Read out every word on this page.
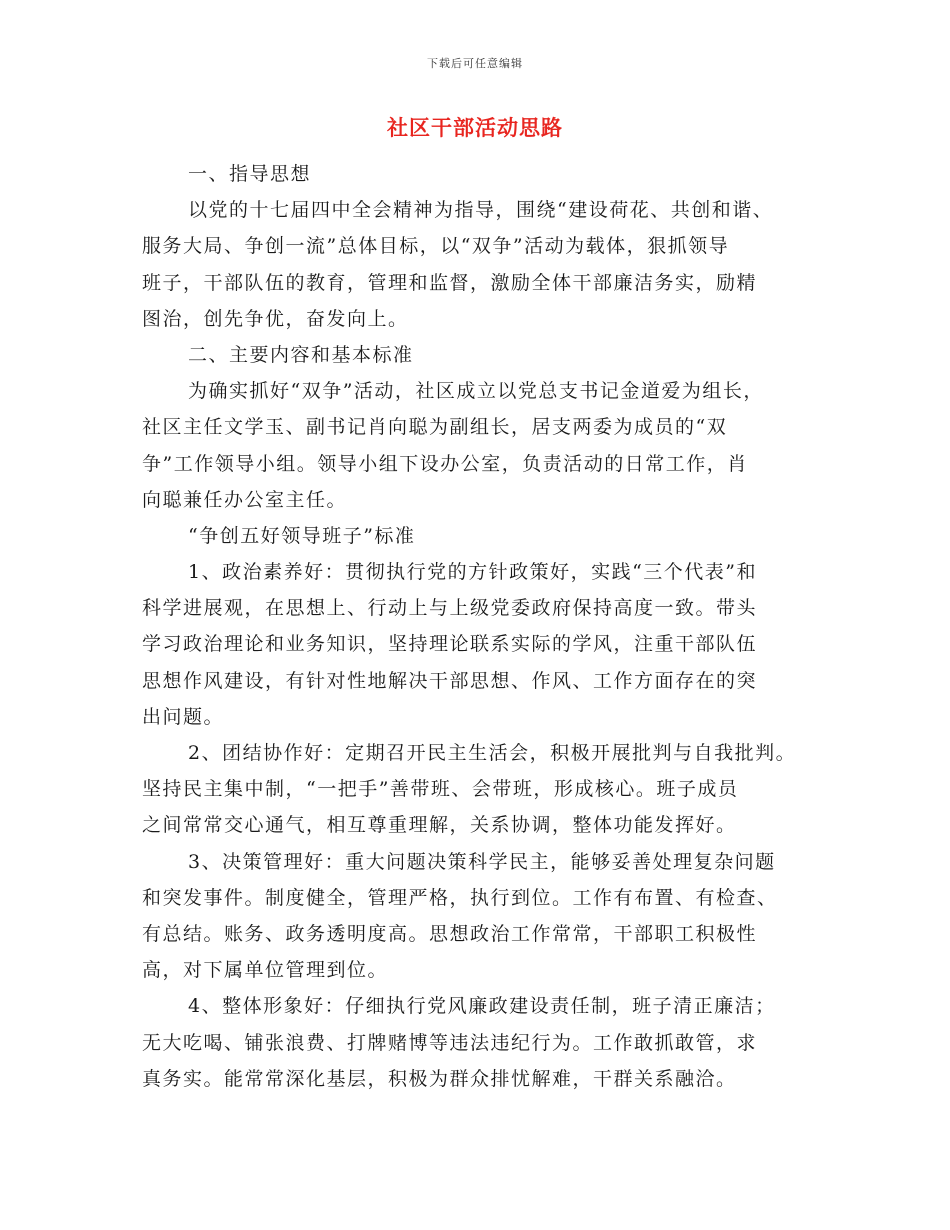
下载后可任意编辑
社区干部活动思路
一、指导思想
以党的十七届四中全会精神为指导，围绕“建设荷花、共创和谐、
服务大局、争创一流”总体目标，以“双争”活动为载体，狠抓领导
班子，干部队伍的教育，管理和监督，激励全体干部廉洁务实，励精
图治，创先争优，奋发向上。
二、主要内容和基本标准
为确实抓好“双争”活动，社区成立以党总支书记金道爱为组长，
社区主任文学玉、副书记肖向聪为副组长，居支两委为成员的“双
争”工作领导小组。领导小组下设办公室，负责活动的日常工作，肖
向聪兼任办公室主任。
“争创五好领导班子”标准
1、政治素养好：贯彻执行党的方针政策好，实践“三个代表”和
科学进展观，在思想上、行动上与上级党委政府保持高度一致。带头
学习政治理论和业务知识，坚持理论联系实际的学风，注重干部队伍
思想作风建设，有针对性地解决干部思想、作风、工作方面存在的突
出问题。
2、团结协作好：定期召开民主生活会，积极开展批判与自我批判。
坚持民主集中制，“一把手”善带班、会带班，形成核心。班子成员
之间常常交心通气，相互尊重理解，关系协调，整体功能发挥好。
3、决策管理好：重大问题决策科学民主，能够妥善处理复杂问题
和突发事件。制度健全，管理严格，执行到位。工作有布置、有检查、
有总结。账务、政务透明度高。思想政治工作常常，干部职工积极性
高，对下属单位管理到位。
4、整体形象好：仔细执行党风廉政建设责任制，班子清正廉洁；
无大吃喝、铺张浪费、打牌赌博等违法违纪行为。工作敢抓敢管，求
真务实。能常常深化基层，积极为群众排忧解难，干群关系融洽。
